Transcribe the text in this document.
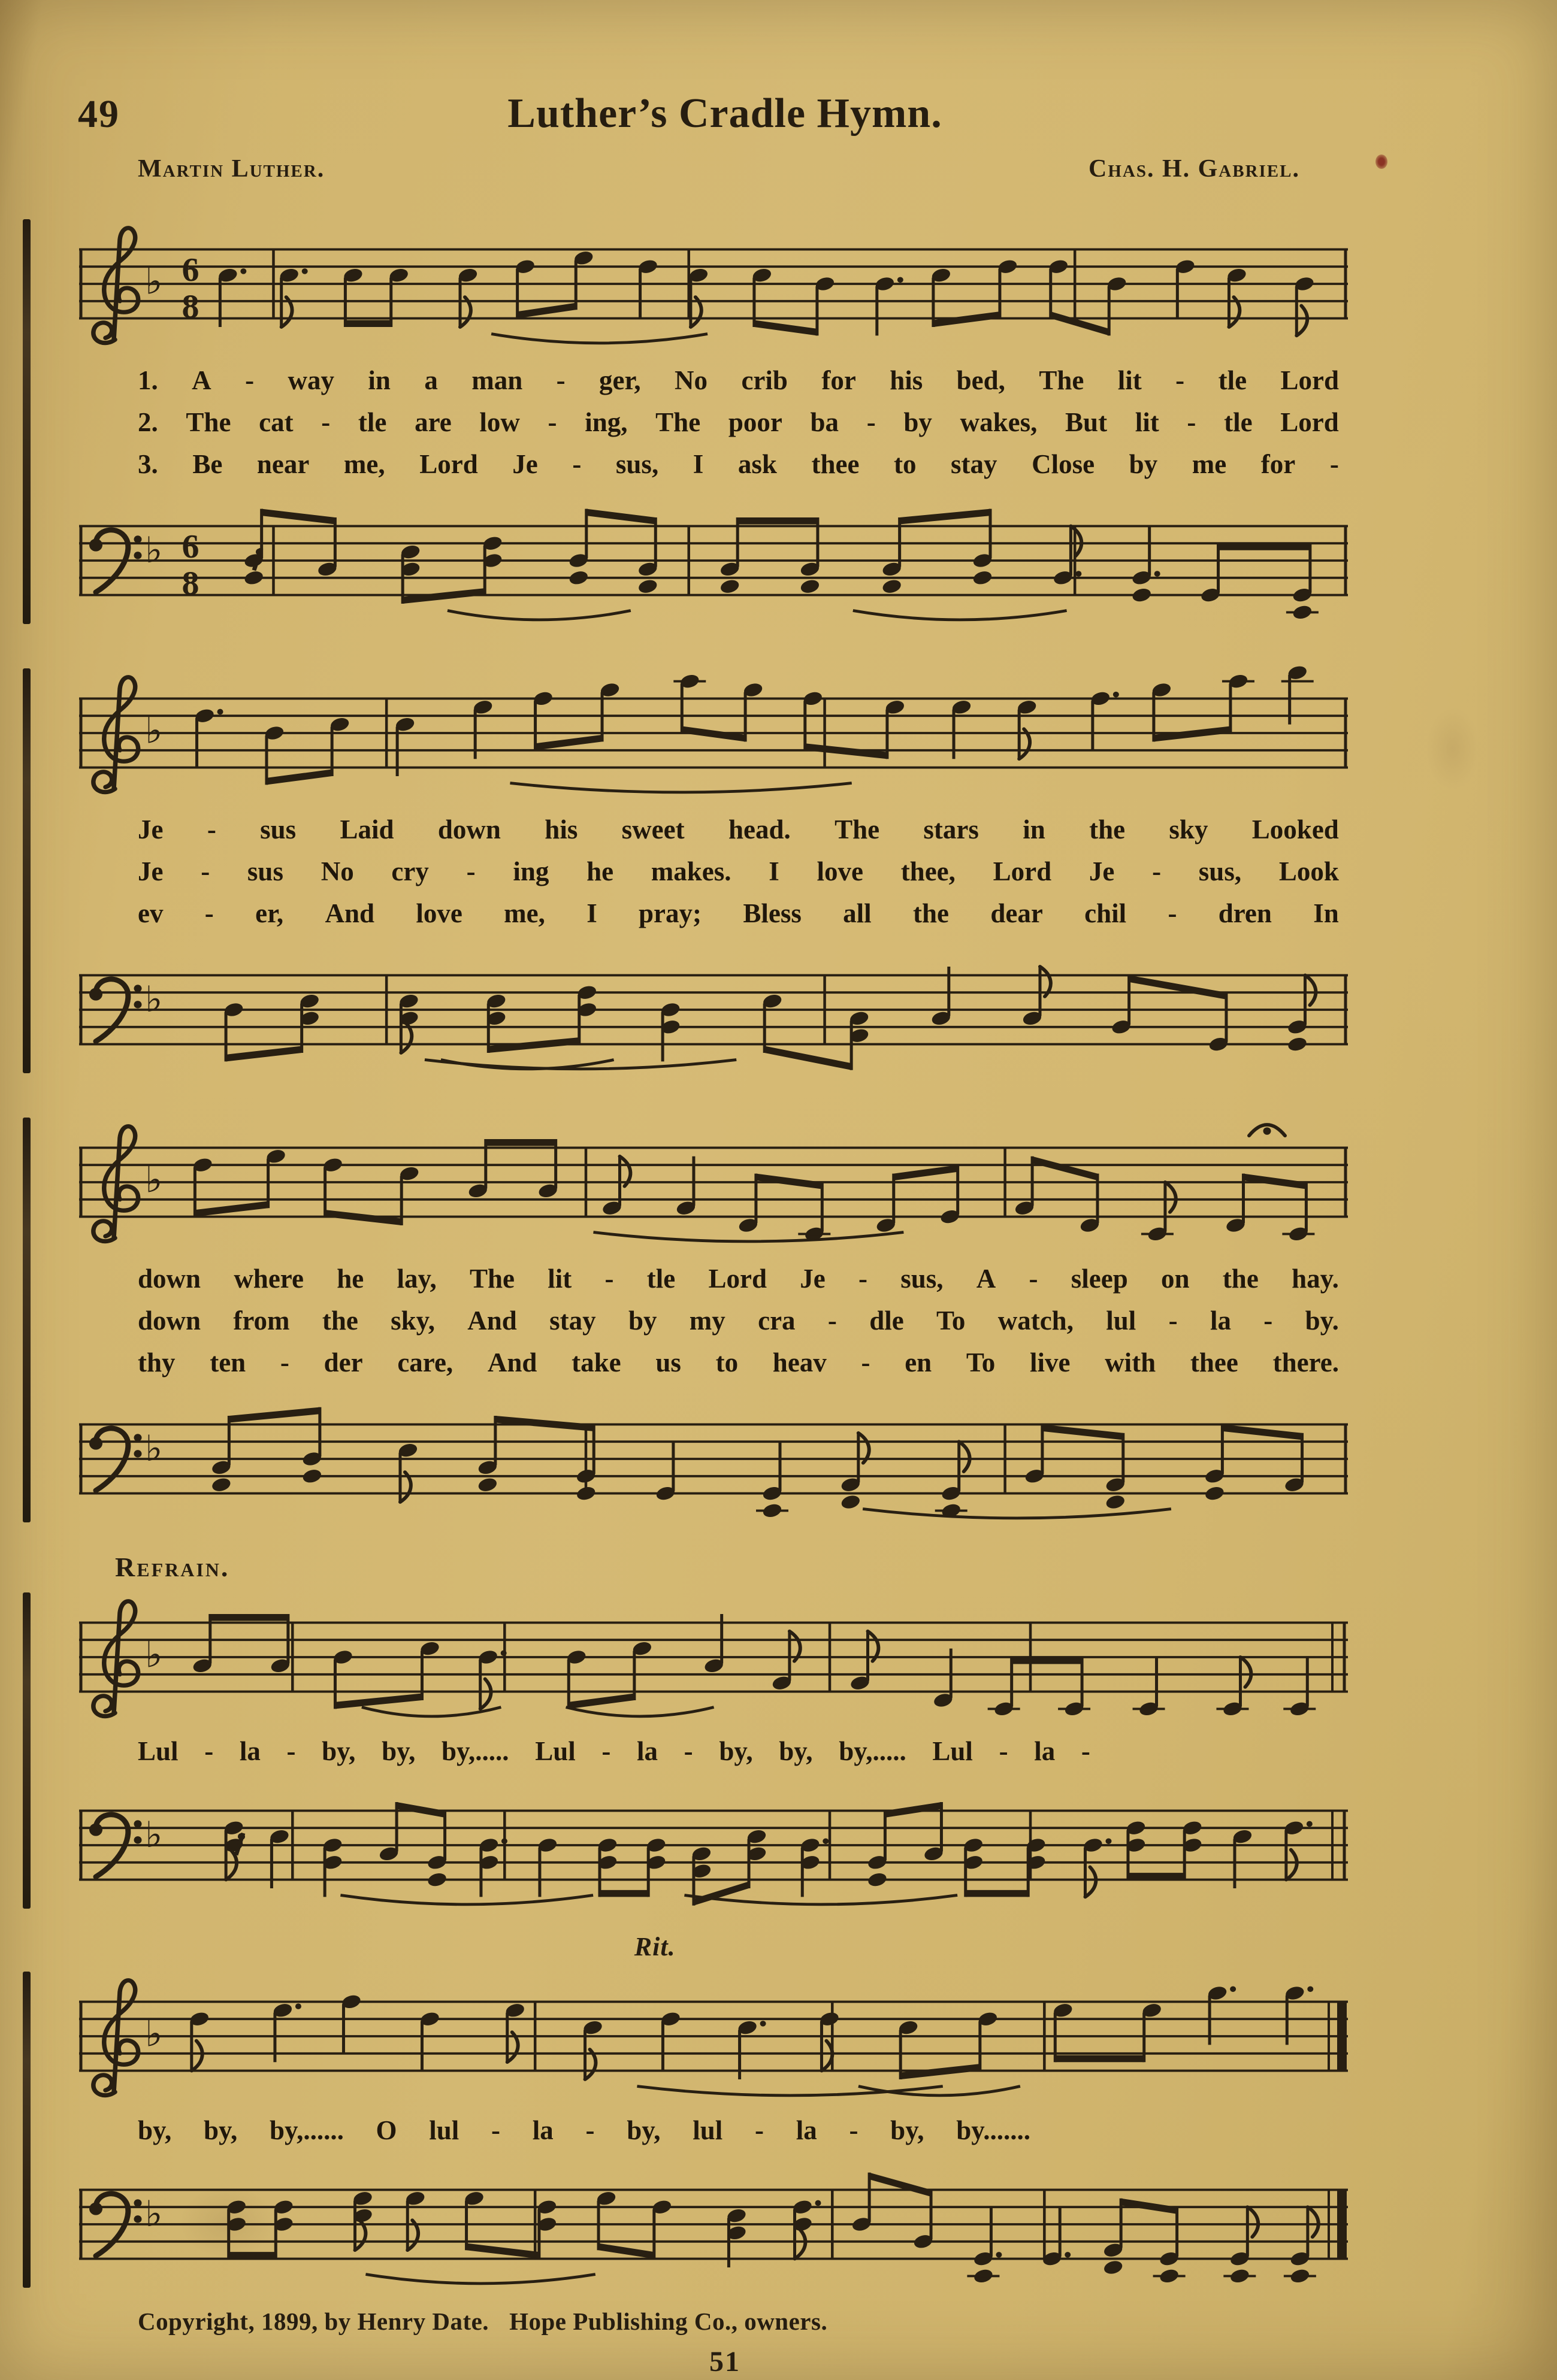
49	Luther’s Cradle Hymn.
Martin Luther.	Chas. H. Gabriel.
♭ 6
8
1. A - way in a man - ger, No crib for his bed, The lit - tle Lord
2. The cat - tle are low - ing, The poor ba - by wakes, But lit - tle Lord
3. Be near me, Lord Je - sus, I ask thee to stay Close by me for -
♭ 6
8
♭
Je - sus Laid down his sweet head. The stars in the sky Looked
Je - sus No cry - ing he makes. I love thee, Lord Je - sus, Look
ev - er, And love me, I pray; Bless all the dear chil - dren In
♭
♭
down where he lay, The lit - tle Lord Je - sus, A - sleep on the hay.
down from the sky, And stay by my cra - dle To watch, lul - la - by.
thy ten - der care, And take us to heav - en To live with thee there.
♭
Refrain.
♭
Lul - la - by, by, by,..... Lul - la - by, by, by,..... Lul - la -
♭
Rit.
♭
by, by, by,...... O lul - la - by, lul - la - by, by.......
♭
Copyright, 1899, by Henry Date. Hope Publishing Co., owners.
51
